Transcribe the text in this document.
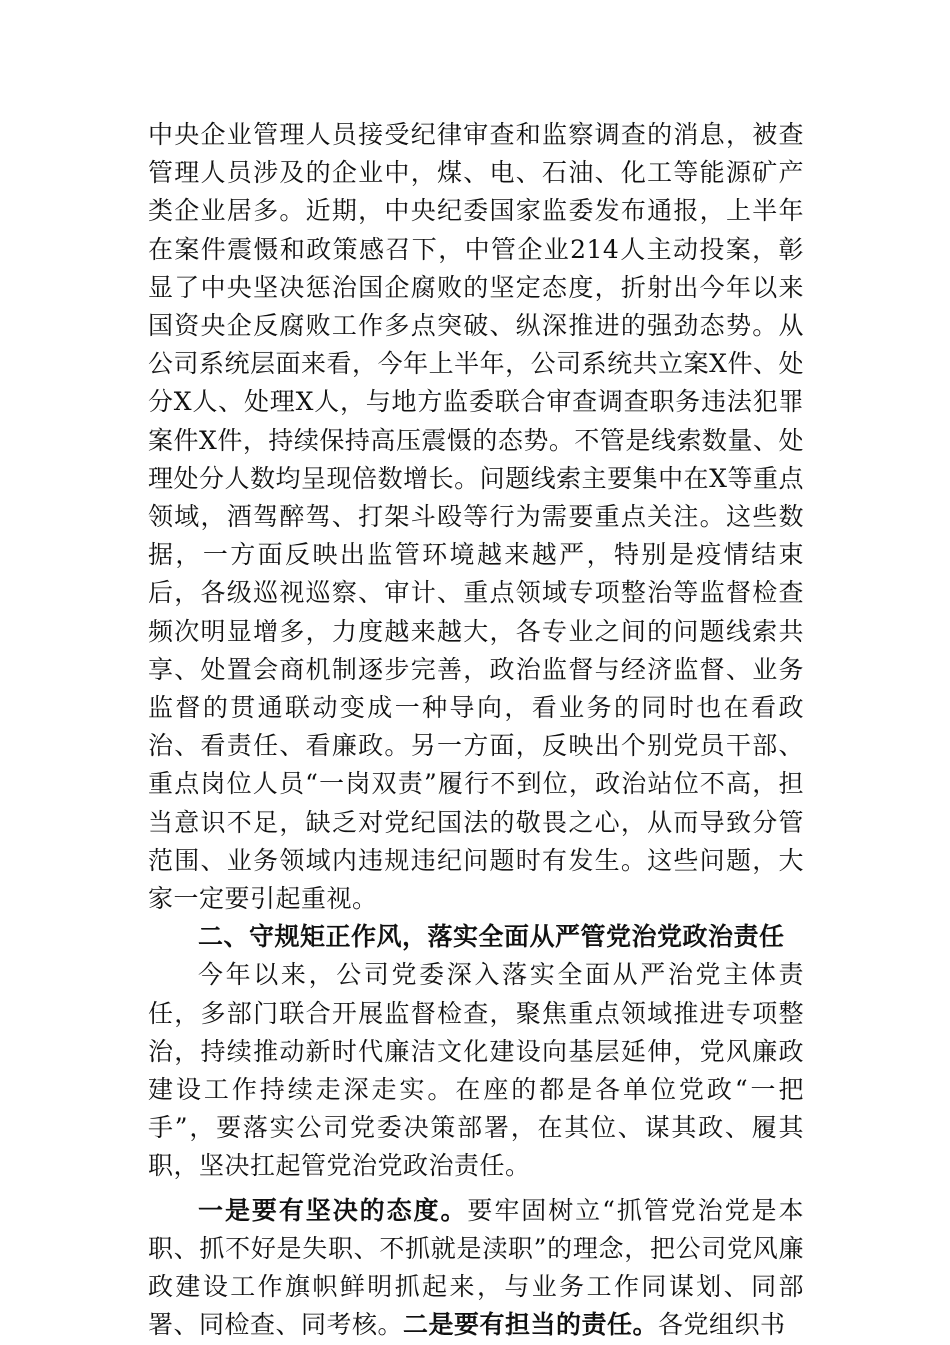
中央企业管理人员接受纪律审查和监察调查的消息，被查管理人员涉及的企业中，煤、电、石油、化工等能源矿产类企业居多。近期，中央纪委国家监委发布通报，上半年在案件震慑和政策感召下，中管企业214人主动投案，彰显了中央坚决惩治国企腐败的坚定态度，折射出今年以来国资央企反腐败工作多点突破、纵深推进的强劲态势。从公司系统层面来看，今年上半年，公司系统共立案X件、处分X人、处理X人，与地方监委联合审查调查职务违法犯罪案件X件，持续保持高压震慑的态势。不管是线索数量、处理处分人数均呈现倍数增长。问题线索主要集中在X等重点领域，酒驾醉驾、打架斗殴等行为需要重点关注。这些数据，一方面反映出监管环境越来越严，特别是疫情结束后，各级巡视巡察、审计、重点领域专项整治等监督检查频次明显增多，力度越来越大，各专业之间的问题线索共享、处置会商机制逐步完善，政治监督与经济监督、业务监督的贯通联动变成一种导向，看业务的同时也在看政治、看责任、看廉政。另一方面，反映出个别党员干部、重点岗位人员“一岗双责”履行不到位，政治站位不高，担当意识不足，缺乏对党纪国法的敬畏之心，从而导致分管范围、业务领域内违规违纪问题时有发生。这些问题，大家一定要引起重视。

二、守规矩正作风，落实全面从严管党治党政治责任

今年以来，公司党委深入落实全面从严治党主体责任，多部门联合开展监督检查，聚焦重点领域推进专项整治，持续推动新时代廉洁文化建设向基层延伸，党风廉政建设工作持续走深走实。在座的都是各单位党政“一把手”，要落实公司党委决策部署，在其位、谋其政、履其职，坚决扛起管党治党政治责任。

一是要有坚决的态度。要牢固树立“抓管党治党是本职、抓不好是失职、不抓就是渎职”的理念，把公司党风廉政建设工作旗帜鲜明抓起来，与业务工作同谋划、同部署、同检查、同考核。二是要有担当的责任。各党组织书
